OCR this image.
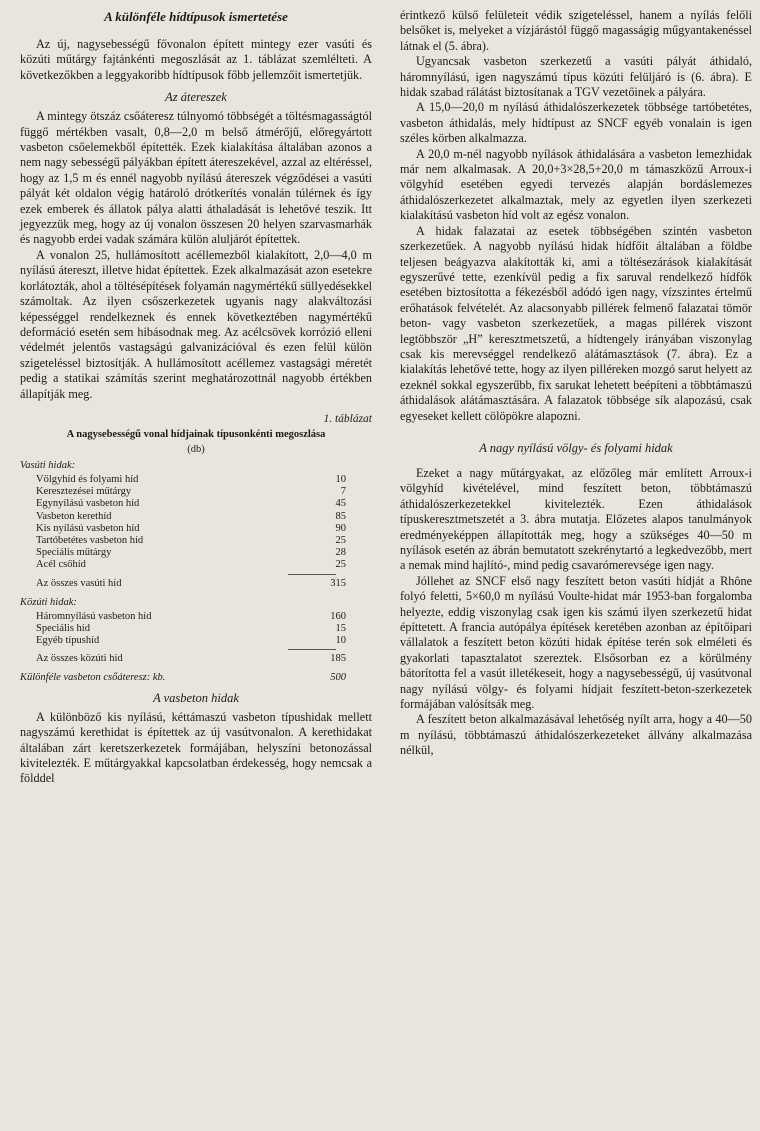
A különféle hídtípusok ismertetése

Az új, nagysebességű fővonalon épített mintegy ezer vasúti és közúti műtárgy fajtánkénti megoszlását az 1. táblázat szemlélteti. A következőkben a leggyakoribb hídtípusok főbb jellemzőit ismertetjük.

Az átereszek

A mintegy ötszáz csőáteresz túlnyomó többségét a töltésmagasságtól függő mértékben vasalt, 0,8—2,0 m belső átmérőjű, előregyártott vasbeton csőelemekből építették. Ezek kialakítása általában azonos a nem nagy sebességű pályákban épített átereszekével, azzal az eltéréssel, hogy az 1,5 m és ennél nagyobb nyílású átereszek végződései a vasúti pályát két oldalon végig határoló drótkerítés vonalán túlérnek és így ezek emberek és állatok pálya alatti áthaladását is lehetővé teszik. Itt jegyezzük meg, hogy az új vonalon összesen 20 helyen szarvasmarhák és nagyobb erdei vadak számára külön aluljárót építettek.

A vonalon 25, hullámosított acéllemezből kialakított, 2,0—4,0 m nyílású átereszt, illetve hidat építettek. Ezek alkalmazását azon esetekre korlátozták, ahol a töltésépítések folyamán nagymértékű süllyedésekkel számoltak. Az ilyen csőszerkezetek ugyanis nagy alakváltozási képességgel rendelkeznek és ennek következtében nagymértékű deformáció esetén sem hibásodnak meg. Az acélcsövek korrózió elleni védelmét jelentős vastagságú galvanizációval és ezen felül külön szigeteléssel biztosítják. A hullámosított acéllemez vastagsági méretét pedig a statikai számítás szerint meghatározottnál nagyobb értékben állapítják meg.

1. táblázat
A nagysebességű vonal hídjainak típusonkénti megoszlása
(db)
Vasúti hidak:
Völgyhíd és folyami híd	10
Keresztezései műtárgy	7
Egynyílású vasbeton híd	45
Vasbeton kerethíd	85
Kis nyílású vasbeton híd	90
Tartóbetétes vasbeton híd	25
Speciális műtárgy	28
Acél csőhíd	25
Az összes vasúti híd	315
Közúti hidak:
Háromnyílású vasbeton híd	160
Speciális híd	15
Egyéb típushíd	10
Az összes közúti híd	185
Különféle vasbeton csőáteresz: kb.	500
A vasbeton hidak

A különböző kis nyílású, kéttámaszú vasbeton típushidak mellett nagyszámú kerethidat is építettek az új vasútvonalon. A kerethidakat általában zárt keretszerkezetek formájában, helyszíni betonozással kivitelezték. E műtárgyakkal kapcsolatban érdekesség, hogy nemcsak a földdel

érintkező külső felületeit védik szigeteléssel, hanem a nyílás felőli belsőket is, melyeket a vízjárástól függő magasságig műgyantakenéssel látnak el (5. ábra).

Ugyancsak vasbeton szerkezetű a vasúti pályát áthidaló, háromnyílású, igen nagyszámú típus közúti felüljáró is (6. ábra). E hidak szabad rálátást biztosítanak a TGV vezetőinek a pályára.

A 15,0—20,0 m nyílású áthidalószerkezetek többsége tartóbetétes, vasbeton áthidalás, mely hídtípust az SNCF egyéb vonalain is igen széles körben alkalmazza.

A 20,0 m-nél nagyobb nyílások áthidalására a vasbeton lemezhidak már nem alkalmasak. A 20,0+3×28,5+20,0 m támaszközű Arroux-i völgyhíd esetében egyedi tervezés alapján bordáslemezes áthidalószerkezetet alkalmaztak, mely az egyetlen ilyen szerkezeti kialakítású vasbeton híd volt az egész vonalon.

A hidak falazatai az esetek többségében szintén vasbeton szerkezetűek. A nagyobb nyílású hidak hídfőit általában a földbe teljesen beágyazva alakították ki, ami a töltésezárások kialakítását egyszerűvé tette, ezenkívül pedig a fix saruval rendelkező hídfők esetében biztosította a fékezésből adódó igen nagy, vízszintes értelmű erőhatások felvételét. Az alacsonyabb pillérek felmenő falazatai tömör beton- vagy vasbeton szerkezetűek, a magas pillérek viszont legtöbbször „H” keresztmetszetű, a hídtengely irányában viszonylag csak kis merevséggel rendelkező alátámasztások (7. ábra). Ez a kialakítás lehetővé tette, hogy az ilyen pilléreken mozgó sarut helyett az ezeknél sokkal egyszerűbb, fix sarukat lehetett beépíteni a többtámaszú áthidalások alátámasztására. A falazatok többsége sík alapozású, csak egyeseket kellett cölöpökre alapozni.

A nagy nyílású völgy- és folyami hidak

Ezeket a nagy műtárgyakat, az előzőleg már említett Arroux-i völgyhíd kivételével, mind feszített beton, többtámaszú áthidalószerkezetekkel kivitelezték. Ezen áthidalások típuskeresztmetszetét a 3. ábra mutatja. Előzetes alapos tanulmányok eredményeképpen állapították meg, hogy a szükséges 40—50 m nyílások esetén az ábrán bemutatott szekrénytartó a legkedvezőbb, mert a nemak mind hajlító-, mind pedig csavarómerevsége igen nagy.

Jóllehet az SNCF első nagy feszített beton vasúti hídját a Rhône folyó feletti, 5×60,0 m nyílású Voulte-hidat már 1953-ban forgalomba helyezte, eddig viszonylag csak igen kis számú ilyen szerkezetű hidat építtetett. A francia autópálya építések keretében azonban az építőipari vállalatok a feszített beton közúti hidak építése terén sok elméleti és gyakorlati tapasztalatot szereztek. Elsősorban ez a körülmény bátorította fel a vasút illetékeseit, hogy a nagysebességű, új vasútvonal nagy nyílású völgy- és folyami hídjait feszített-beton-szerkezetek formájában valósítsák meg.

A feszített beton alkalmazásával lehetőség nyílt arra, hogy a 40—50 m nyílású, többtámaszú áthidalószerkezeteket állvány alkalmazása nélkül,
